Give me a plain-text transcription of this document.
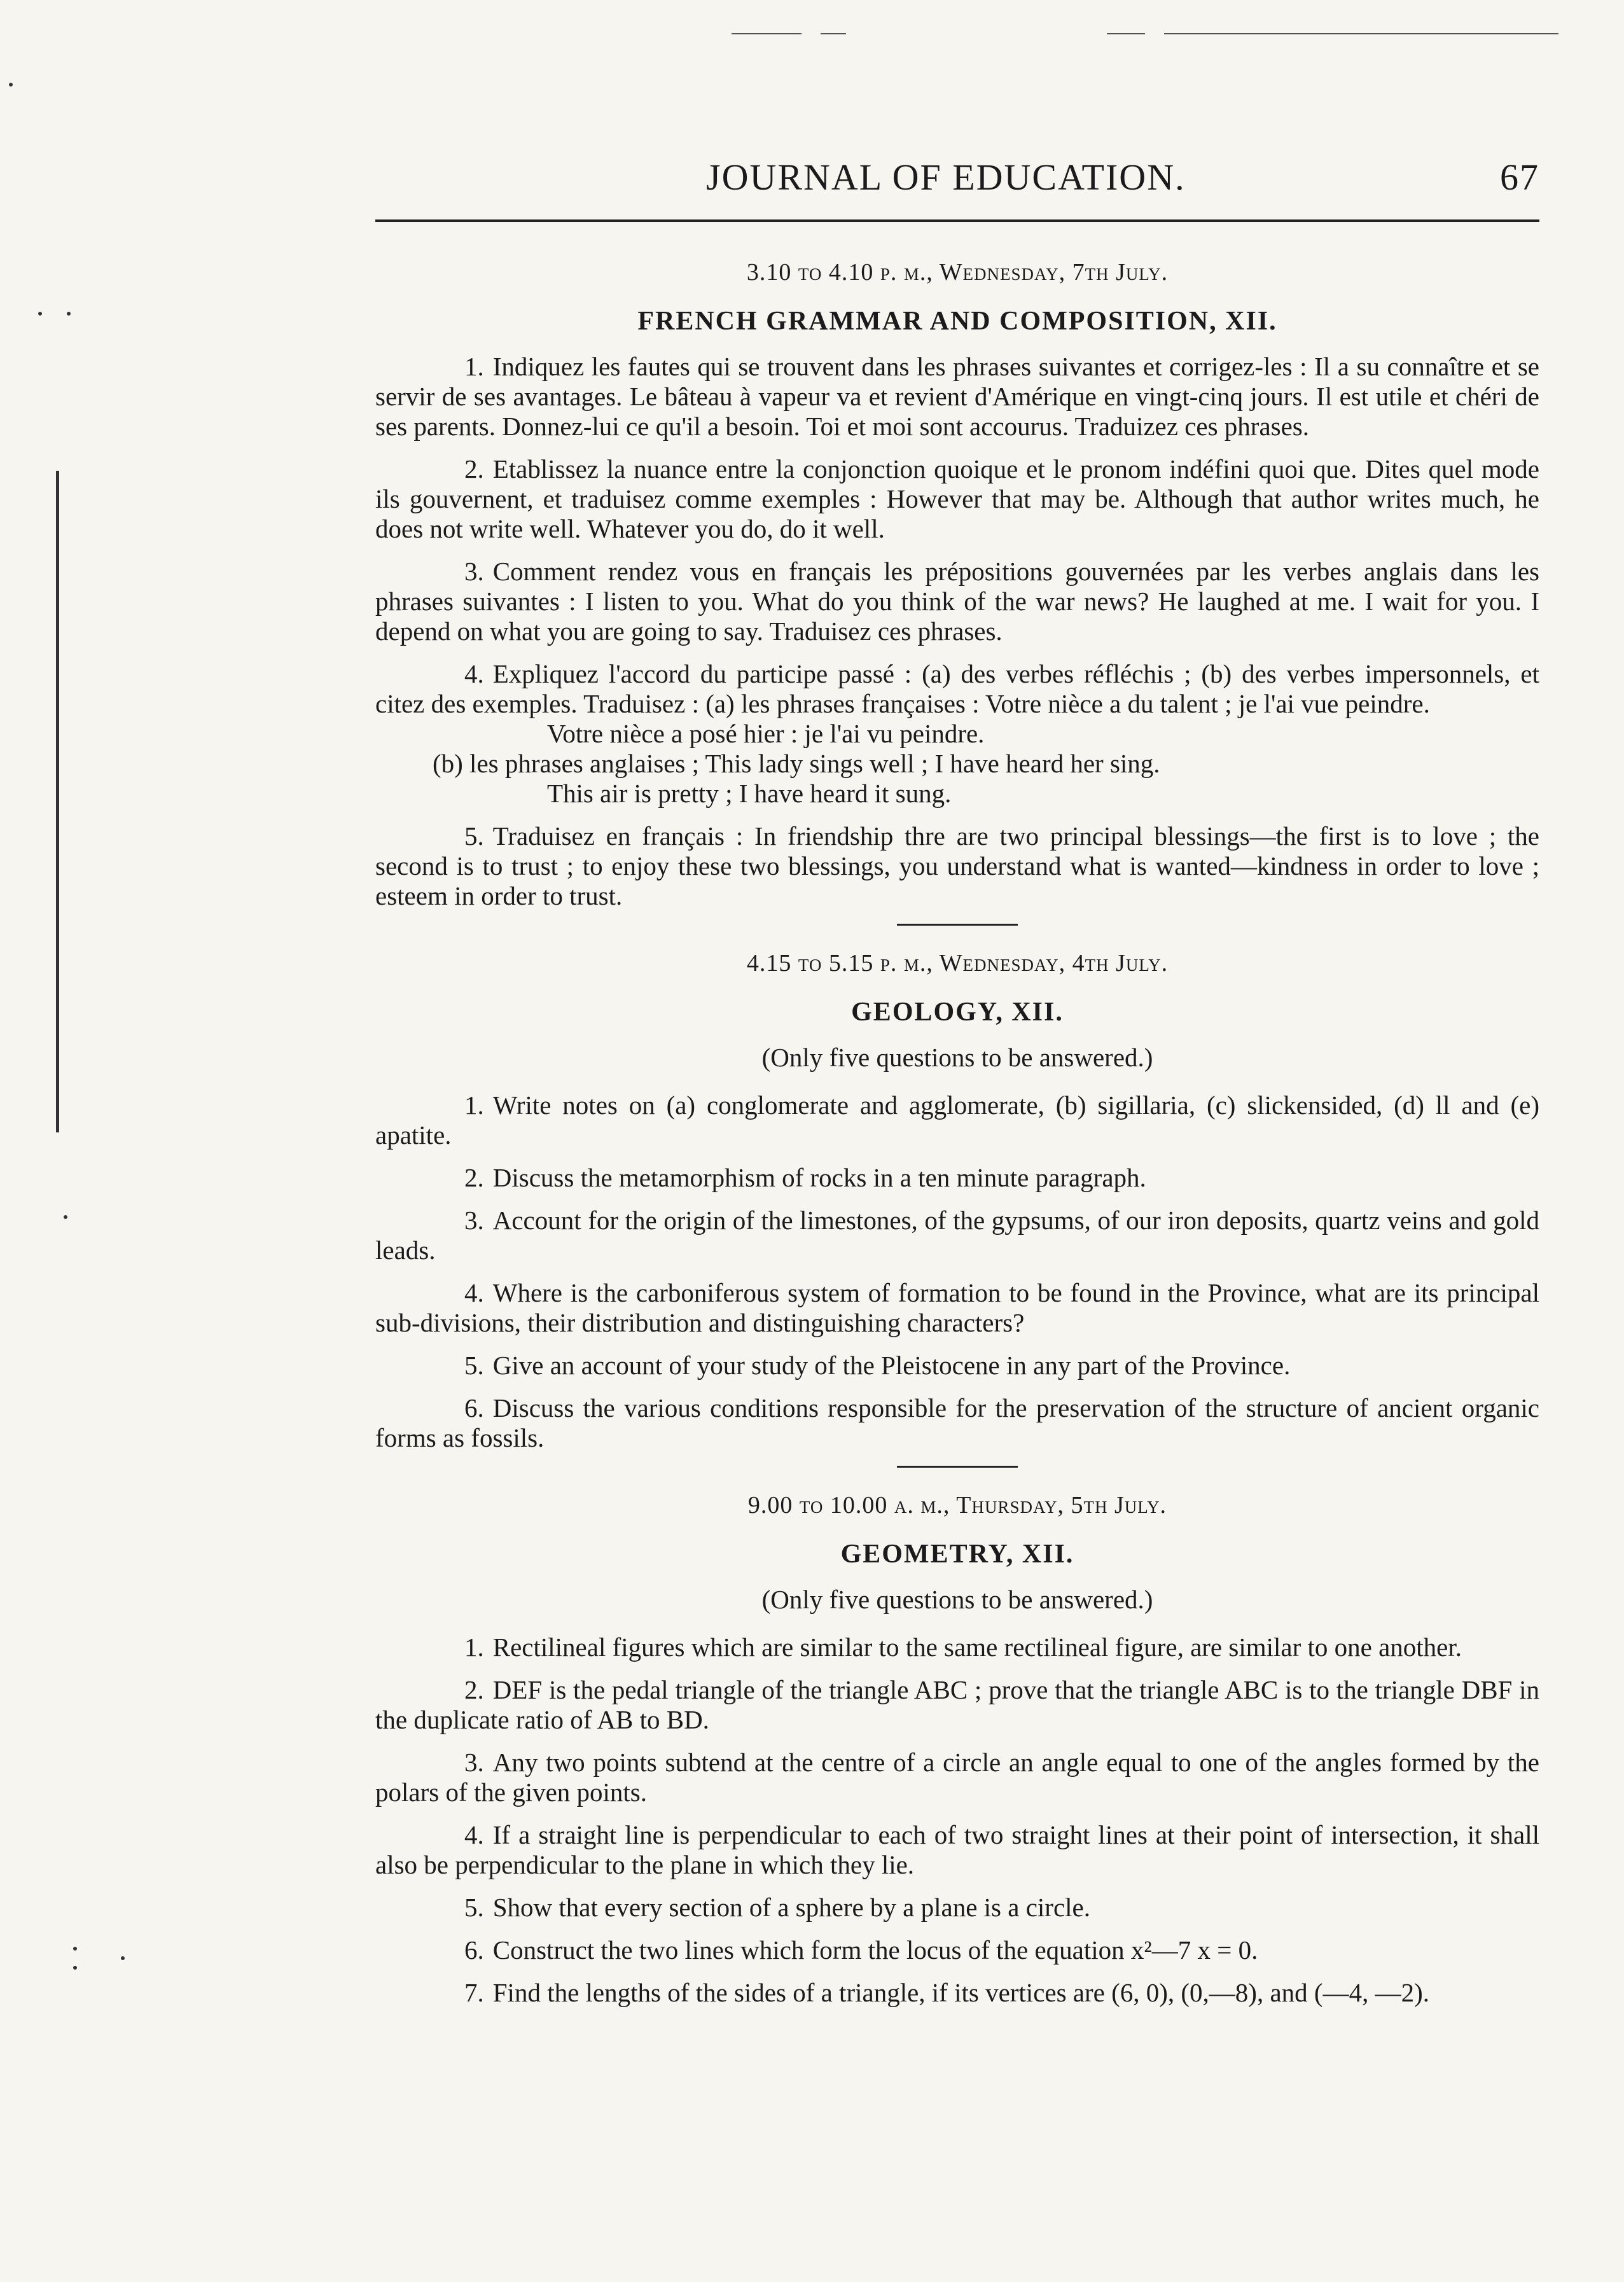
JOURNAL OF EDUCATION.	67

3.10 to 4.10 p. m., Wednesday, 7th July.

FRENCH GRAMMAR AND COMPOSITION, XII.

1. Indiquez les fautes qui se trouvent dans les phrases suivantes et corrigez-les : Il a su connaître et se servir de ses avantages. Le bâteau à vapeur va et revient d'Amérique en vingt-cinq jours. Il est utile et chéri de ses parents. Donnez-lui ce qu'il a besoin. Toi et moi sont accourus. Traduizez ces phrases.

2. Etablissez la nuance entre la conjonction quoique et le pronom indéfini quoi que. Dites quel mode ils gouvernent, et traduisez comme exemples : However that may be. Although that author writes much, he does not write well. Whatever you do, do it well.

3. Comment rendez vous en français les prépositions gouvernées par les verbes anglais dans les phrases suivantes : I listen to you. What do you think of the war news? He laughed at me. I wait for you. I depend on what you are going to say. Traduisez ces phrases.

4. Expliquez l'accord du participe passé : (a) des verbes réfléchis ; (b) des verbes impersonnels, et citez des exemples. Traduisez : (a) les phrases françaises : Votre nièce a du talent ; je l'ai vue peindre.

Votre nièce a posé hier : je l'ai vu peindre.

(b) les phrases anglaises ; This lady sings well ; I have heard her sing.

This air is pretty ; I have heard it sung.

5. Traduisez en français : In friendship thre are two principal blessings—the first is to love ; the second is to trust ; to enjoy these two blessings, you understand what is wanted—kindness in order to love ; esteem in order to trust.

4.15 to 5.15 p. m., Wednesday, 4th July.

GEOLOGY, XII.

(Only five questions to be answered.)

1. Write notes on (a) conglomerate and agglomerate, (b) sigillaria, (c) slickensided, (d) ll and (e) apatite.

2. Discuss the metamorphism of rocks in a ten minute paragraph.

3. Account for the origin of the limestones, of the gypsums, of our iron deposits, quartz veins and gold leads.

4. Where is the carboniferous system of formation to be found in the Province, what are its principal sub-divisions, their distribution and distinguishing characters?

5. Give an account of your study of the Pleistocene in any part of the Province.

6. Discuss the various conditions responsible for the preservation of the structure of ancient organic forms as fossils.

9.00 to 10.00 a. m., Thursday, 5th July.

GEOMETRY, XII.

(Only five questions to be answered.)

1. Rectilineal figures which are similar to the same rectilineal figure, are similar to one another.

2. DEF is the pedal triangle of the triangle ABC ; prove that the triangle ABC is to the triangle DBF in the duplicate ratio of AB to BD.

3. Any two points subtend at the centre of a circle an angle equal to one of the angles formed by the polars of the given points.

4. If a straight line is perpendicular to each of two straight lines at their point of intersection, it shall also be perpendicular to the plane in which they lie.

5. Show that every section of a sphere by a plane is a circle.

6. Construct the two lines which form the locus of the equation x²—7 x = 0.

7. Find the lengths of the sides of a triangle, if its vertices are (6, 0), (0,—8), and (—4, —2).
